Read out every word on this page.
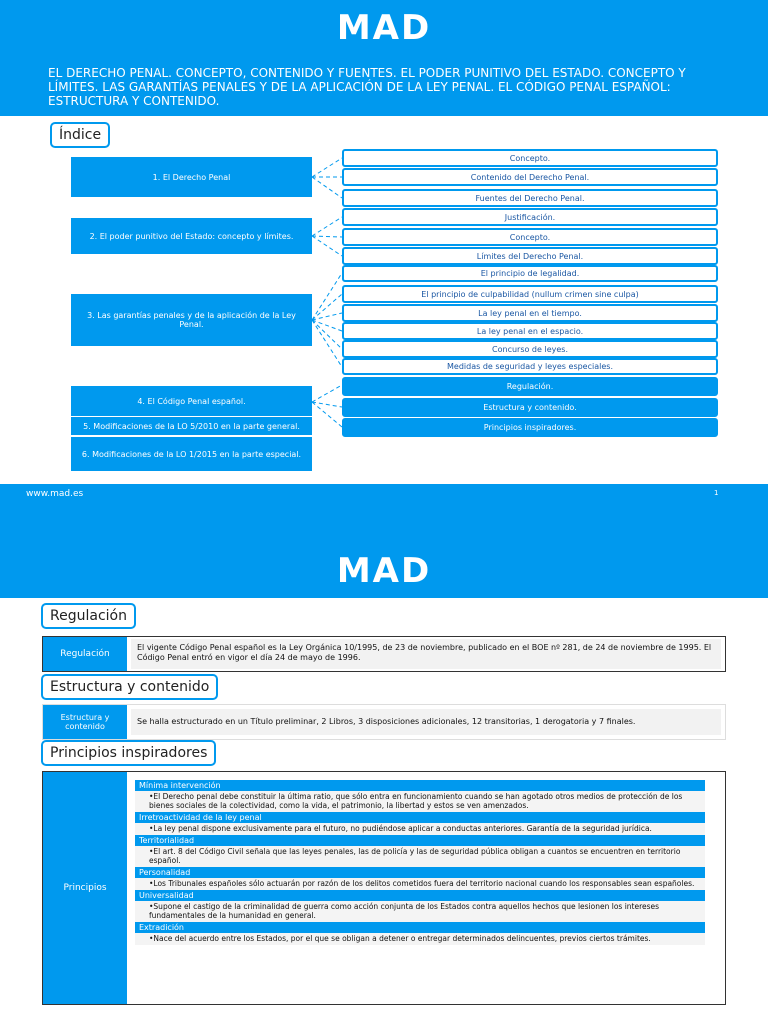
MAD
EL DERECHO PENAL. CONCEPTO, CONTENIDO Y FUENTES. EL PODER PUNITIVO DEL ESTADO. CONCEPTO Y LÍMITES. LAS GARANTÍAS PENALES Y DE LA APLICACIÓN DE LA LEY PENAL. EL CÓDIGO PENAL ESPAÑOL: ESTRUCTURA Y CONTENIDO.
Índice
1. El Derecho Penal
2. El poder punitivo del Estado: concepto y límites.
3. Las garantías penales y de la aplicación de la Ley Penal.
4. El Código Penal español.
5. Modificaciones de la LO 5/2010 en la parte general.
6. Modificaciones de la LO 1/2015 en la parte especial.
Concepto.
Contenido del Derecho Penal.
Fuentes del Derecho Penal.
Justificación.
Concepto.
Límites del Derecho Penal.
El principio de legalidad.
El principio de culpabilidad (nullum crimen sine culpa)
La ley penal en el tiempo.
La ley penal en el espacio.
Concurso de leyes.
Medidas de seguridad y leyes especiales.
Regulación.
Estructura y contenido.
Principios inspiradores.
www.mad.es	1
MAD
Regulación
Regulación
El vigente Código Penal español es la Ley Orgánica 10/1995, de 23 de noviembre, publicado en el BOE nº 281, de 24 de noviembre de 1995. El Código Penal entró en vigor el día 24 de mayo de 1996.
Estructura y contenido
Estructura y contenido
Se halla estructurado en un Título preliminar, 2 Libros, 3 disposiciones adicionales, 12 transitorias, 1 derogatoria y 7 finales.
Principios inspiradores
Principios
Mínima intervención
•El Derecho penal debe constituir la última ratio, que sólo entra en funcionamiento cuando se han agotado otros medios de protección de los bienes sociales de la colectividad, como la vida, el patrimonio, la libertad y estos se ven amenzados.
Irretroactividad de la ley penal
•La ley penal dispone exclusivamente para el futuro, no pudiéndose aplicar a conductas anteriores. Garantía de la seguridad jurídica.
Territorialidad
•El art. 8 del Código Civil señala que las leyes penales, las de policía y las de seguridad pública obligan a cuantos se encuentren en territorio español.
Personalidad
•Los Tribunales españoles sólo actuarán por razón de los delitos cometidos fuera del territorio nacional cuando los responsables sean españoles.
Universalidad
•Supone el castigo de la criminalidad de guerra como acción conjunta de los Estados contra aquellos hechos que lesionen los intereses fundamentales de la humanidad en general.
Extradición
•Nace del acuerdo entre los Estados, por el que se obligan a detener o entregar determinados delincuentes, previos ciertos trámites.
